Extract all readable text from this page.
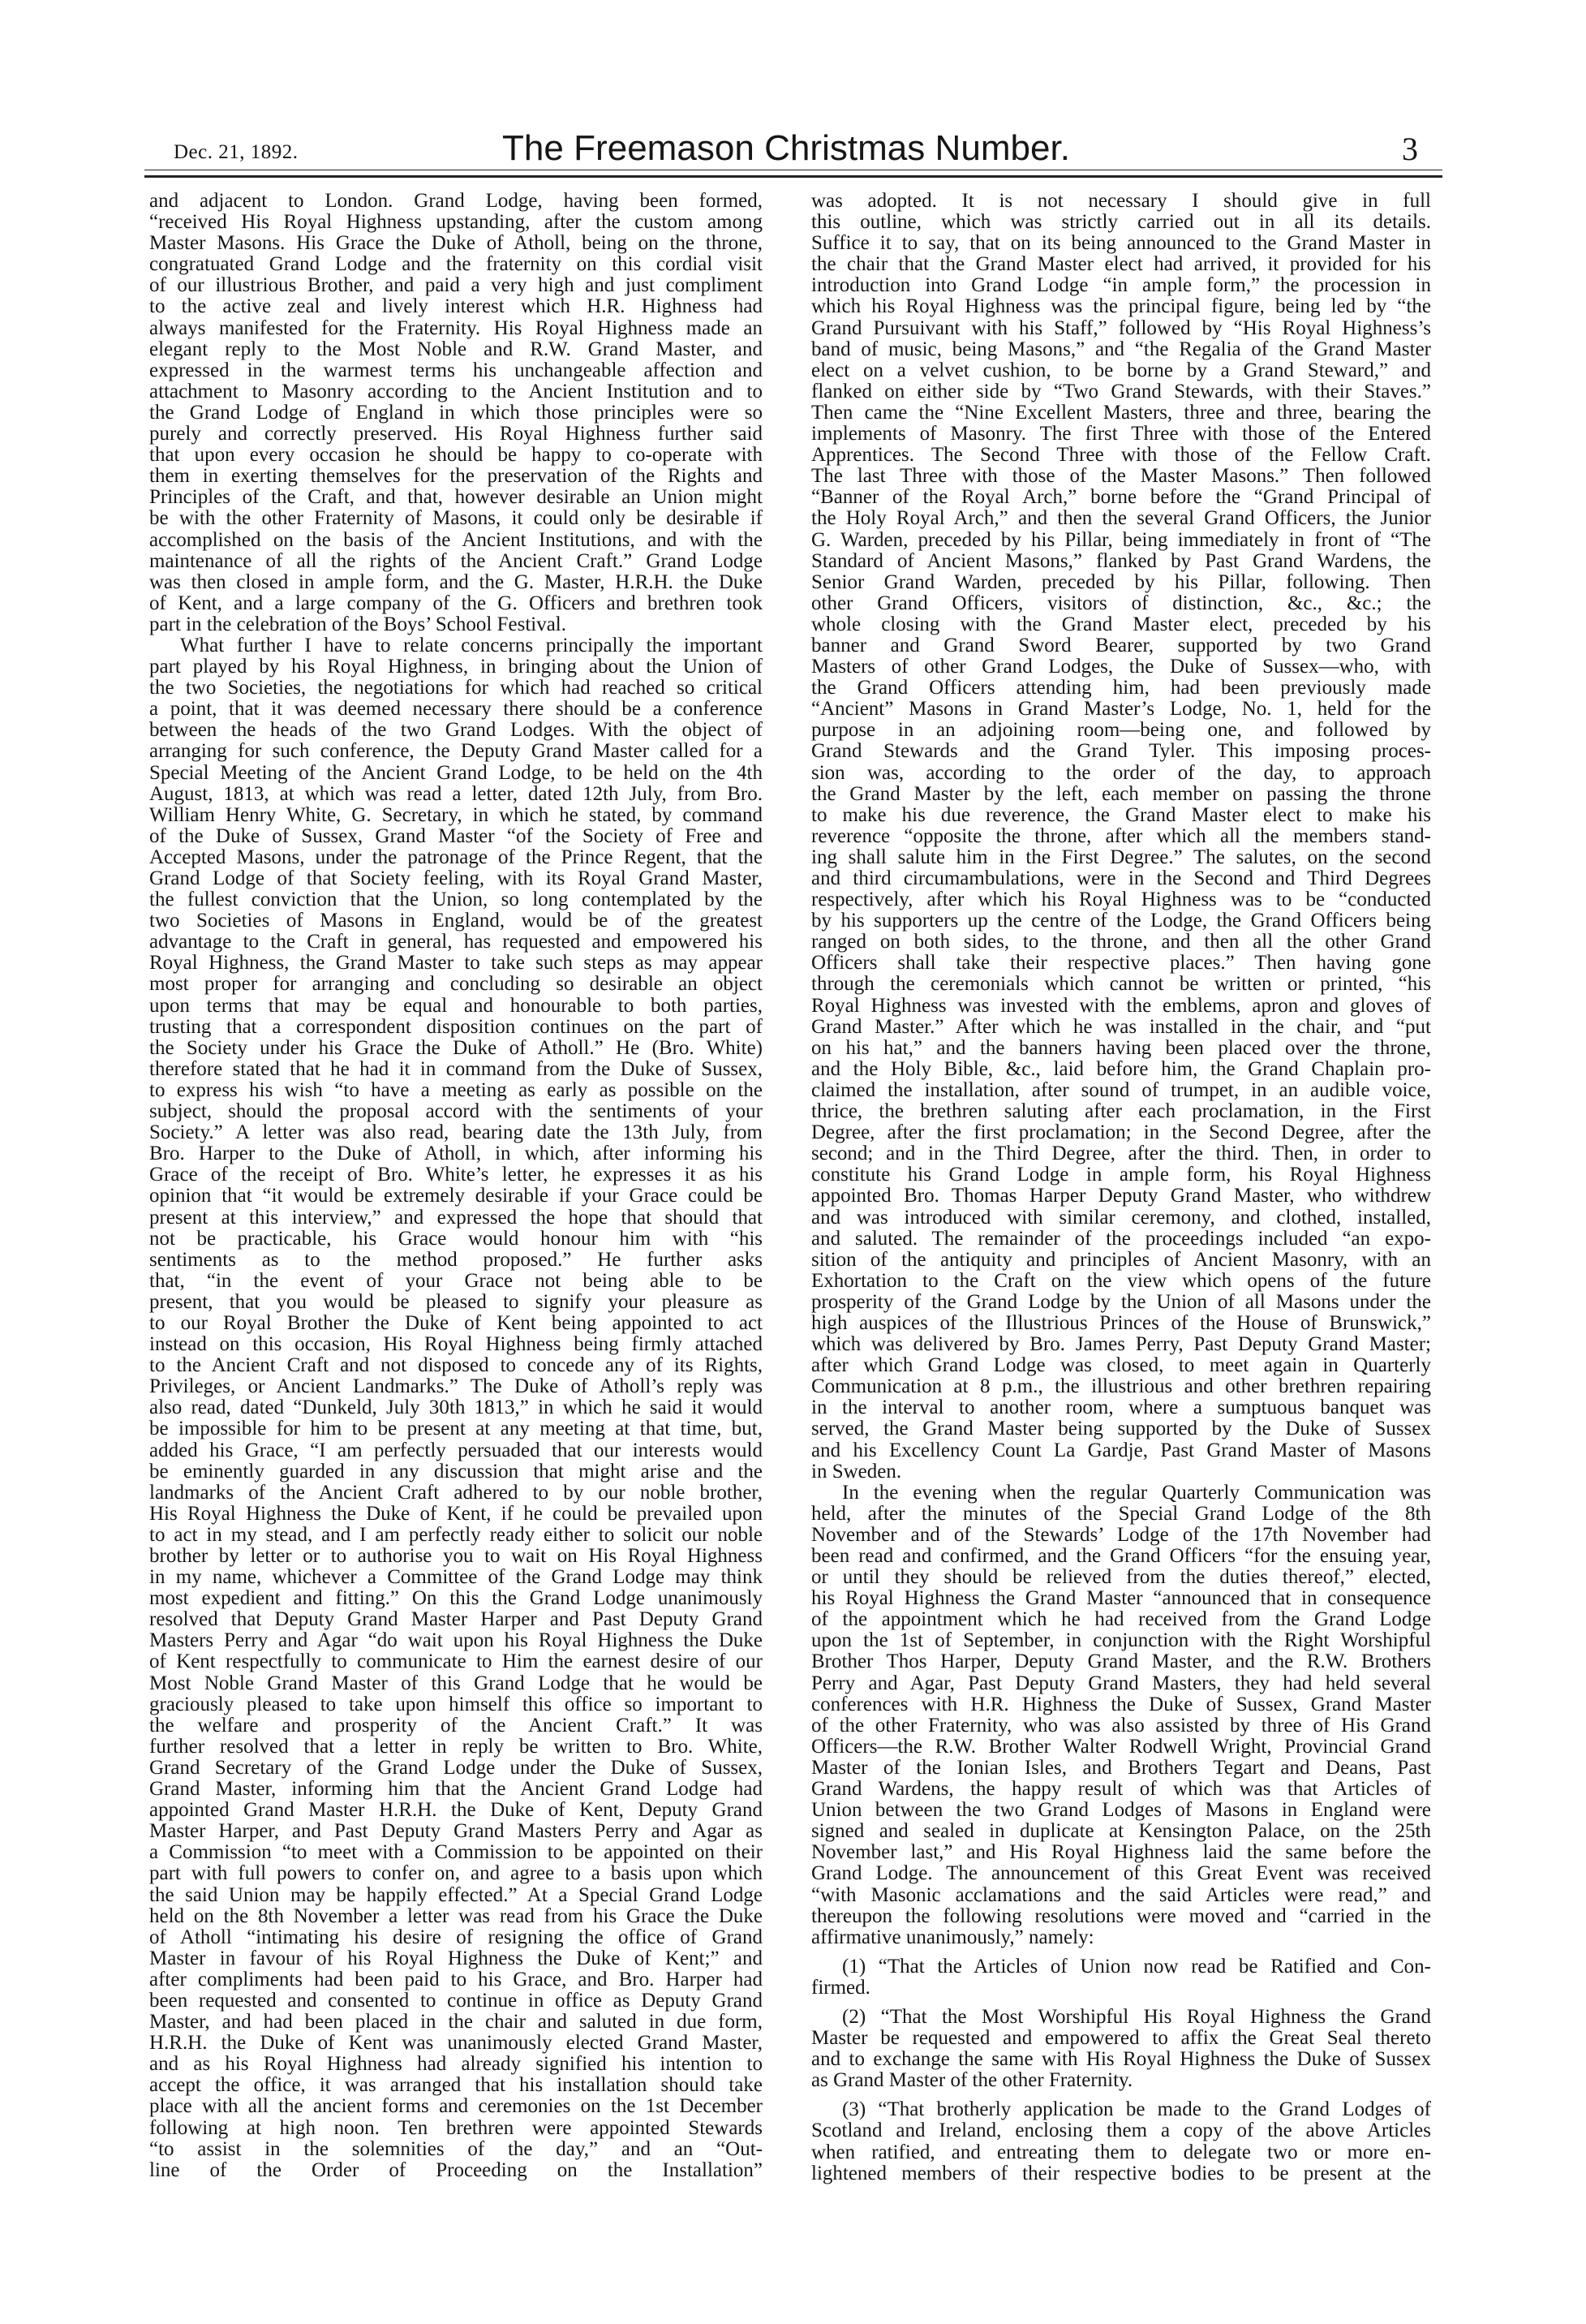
Dec. 21, 1892.	The Freemason Christmas Number.	3
and adjacent to London. Grand Lodge, having been formed,
“received His Royal Highness upstanding, after the custom among
Master Masons. His Grace the Duke of Atholl, being on the throne,
congratuated Grand Lodge and the fraternity on this cordial visit
of our illustrious Brother, and paid a very high and just compliment
to the active zeal and lively interest which H.R. Highness had
always manifested for the Fraternity. His Royal Highness made an
elegant reply to the Most Noble and R.W. Grand Master, and
expressed in the warmest terms his unchangeable affection and
attachment to Masonry according to the Ancient Institution and to
the Grand Lodge of England in which those principles were so
purely and correctly preserved. His Royal Highness further said
that upon every occasion he should be happy to co-operate with
them in exerting themselves for the preservation of the Rights and
Principles of the Craft, and that, however desirable an Union might
be with the other Fraternity of Masons, it could only be desirable if
accomplished on the basis of the Ancient Institutions, and with the
maintenance of all the rights of the Ancient Craft.” Grand Lodge
was then closed in ample form, and the G. Master, H.R.H. the Duke
of Kent, and a large company of the G. Officers and brethren took
part in the celebration of the Boys’ School Festival.
What further I have to relate concerns principally the important
part played by his Royal Highness, in bringing about the Union of
the two Societies, the negotiations for which had reached so critical
a point, that it was deemed necessary there should be a conference
between the heads of the two Grand Lodges. With the object of
arranging for such conference, the Deputy Grand Master called for a
Special Meeting of the Ancient Grand Lodge, to be held on the 4th
August, 1813, at which was read a letter, dated 12th July, from Bro.
William Henry White, G. Secretary, in which he stated, by command
of the Duke of Sussex, Grand Master “of the Society of Free and
Accepted Masons, under the patronage of the Prince Regent, that the
Grand Lodge of that Society feeling, with its Royal Grand Master,
the fullest conviction that the Union, so long contemplated by the
two Societies of Masons in England, would be of the greatest
advantage to the Craft in general, has requested and empowered his
Royal Highness, the Grand Master to take such steps as may appear
most proper for arranging and concluding so desirable an object
upon terms that may be equal and honourable to both parties,
trusting that a correspondent disposition continues on the part of
the Society under his Grace the Duke of Atholl.” He (Bro. White)
therefore stated that he had it in command from the Duke of Sussex,
to express his wish “to have a meeting as early as possible on the
subject, should the proposal accord with the sentiments of your
Society.” A letter was also read, bearing date the 13th July, from
Bro. Harper to the Duke of Atholl, in which, after informing his
Grace of the receipt of Bro. White’s letter, he expresses it as his
opinion that “it would be extremely desirable if your Grace could be
present at this interview,” and expressed the hope that should that
not be practicable, his Grace would honour him with “his
sentiments as to the method proposed.” He further asks
that, “in the event of your Grace not being able to be
present, that you would be pleased to signify your pleasure as
to our Royal Brother the Duke of Kent being appointed to act
instead on this occasion, His Royal Highness being firmly attached
to the Ancient Craft and not disposed to concede any of its Rights,
Privileges, or Ancient Landmarks.” The Duke of Atholl’s reply was
also read, dated “Dunkeld, July 30th 1813,” in which he said it would
be impossible for him to be present at any meeting at that time, but,
added his Grace, “I am perfectly persuaded that our interests would
be eminently guarded in any discussion that might arise and the
landmarks of the Ancient Craft adhered to by our noble brother,
His Royal Highness the Duke of Kent, if he could be prevailed upon
to act in my stead, and I am perfectly ready either to solicit our noble
brother by letter or to authorise you to wait on His Royal Highness
in my name, whichever a Committee of the Grand Lodge may think
most expedient and fitting.” On this the Grand Lodge unanimously
resolved that Deputy Grand Master Harper and Past Deputy Grand
Masters Perry and Agar “do wait upon his Royal Highness the Duke
of Kent respectfully to communicate to Him the earnest desire of our
Most Noble Grand Master of this Grand Lodge that he would be
graciously pleased to take upon himself this office so important to
the welfare and prosperity of the Ancient Craft.” It was
further resolved that a letter in reply be written to Bro. White,
Grand Secretary of the Grand Lodge under the Duke of Sussex,
Grand Master, informing him that the Ancient Grand Lodge had
appointed Grand Master H.R.H. the Duke of Kent, Deputy Grand
Master Harper, and Past Deputy Grand Masters Perry and Agar as
a Commission “to meet with a Commission to be appointed on their
part with full powers to confer on, and agree to a basis upon which
the said Union may be happily effected.” At a Special Grand Lodge
held on the 8th November a letter was read from his Grace the Duke
of Atholl “intimating his desire of resigning the office of Grand
Master in favour of his Royal Highness the Duke of Kent;” and
after compliments had been paid to his Grace, and Bro. Harper had
been requested and consented to continue in office as Deputy Grand
Master, and had been placed in the chair and saluted in due form,
H.R.H. the Duke of Kent was unanimously elected Grand Master,
and as his Royal Highness had already signified his intention to
accept the office, it was arranged that his installation should take
place with all the ancient forms and ceremonies on the 1st December
following at high noon. Ten brethren were appointed Stewards
“to assist in the solemnities of the day,” and an “Out-
line of the Order of Proceeding on the Installation”
was adopted. It is not necessary I should give in full
this outline, which was strictly carried out in all its details.
Suffice it to say, that on its being announced to the Grand Master in
the chair that the Grand Master elect had arrived, it provided for his
introduction into Grand Lodge “in ample form,” the procession in
which his Royal Highness was the principal figure, being led by “the
Grand Pursuivant with his Staff,” followed by “His Royal Highness’s
band of music, being Masons,” and “the Regalia of the Grand Master
elect on a velvet cushion, to be borne by a Grand Steward,” and
flanked on either side by “Two Grand Stewards, with their Staves.”
Then came the “Nine Excellent Masters, three and three, bearing the
implements of Masonry. The first Three with those of the Entered
Apprentices. The Second Three with those of the Fellow Craft.
The last Three with those of the Master Masons.” Then followed
“Banner of the Royal Arch,” borne before the “Grand Principal of
the Holy Royal Arch,” and then the several Grand Officers, the Junior
G. Warden, preceded by his Pillar, being immediately in front of “The
Standard of Ancient Masons,” flanked by Past Grand Wardens, the
Senior Grand Warden, preceded by his Pillar, following. Then
other Grand Officers, visitors of distinction, &c., &c.; the
whole closing with the Grand Master elect, preceded by his
banner and Grand Sword Bearer, supported by two Grand
Masters of other Grand Lodges, the Duke of Sussex—who, with
the Grand Officers attending him, had been previously made
“Ancient” Masons in Grand Master’s Lodge, No. 1, held for the
purpose in an adjoining room—being one, and followed by
Grand Stewards and the Grand Tyler. This imposing proces-
sion was, according to the order of the day, to approach
the Grand Master by the left, each member on passing the throne
to make his due reverence, the Grand Master elect to make his
reverence “opposite the throne, after which all the members stand-
ing shall salute him in the First Degree.” The salutes, on the second
and third circumambulations, were in the Second and Third Degrees
respectively, after which his Royal Highness was to be “conducted
by his supporters up the centre of the Lodge, the Grand Officers being
ranged on both sides, to the throne, and then all the other Grand
Officers shall take their respective places.” Then having gone
through the ceremonials which cannot be written or printed, “his
Royal Highness was invested with the emblems, apron and gloves of
Grand Master.” After which he was installed in the chair, and “put
on his hat,” and the banners having been placed over the throne,
and the Holy Bible, &c., laid before him, the Grand Chaplain pro-
claimed the installation, after sound of trumpet, in an audible voice,
thrice, the brethren saluting after each proclamation, in the First
Degree, after the first proclamation; in the Second Degree, after the
second; and in the Third Degree, after the third. Then, in order to
constitute his Grand Lodge in ample form, his Royal Highness
appointed Bro. Thomas Harper Deputy Grand Master, who withdrew
and was introduced with similar ceremony, and clothed, installed,
and saluted. The remainder of the proceedings included “an expo-
sition of the antiquity and principles of Ancient Masonry, with an
Exhortation to the Craft on the view which opens of the future
prosperity of the Grand Lodge by the Union of all Masons under the
high auspices of the Illustrious Princes of the House of Brunswick,”
which was delivered by Bro. James Perry, Past Deputy Grand Master;
after which Grand Lodge was closed, to meet again in Quarterly
Communication at 8 p.m., the illustrious and other brethren repairing
in the interval to another room, where a sumptuous banquet was
served, the Grand Master being supported by the Duke of Sussex
and his Excellency Count La Gardje, Past Grand Master of Masons
in Sweden.
In the evening when the regular Quarterly Communication was
held, after the minutes of the Special Grand Lodge of the 8th
November and of the Stewards’ Lodge of the 17th November had
been read and confirmed, and the Grand Officers “for the ensuing year,
or until they should be relieved from the duties thereof,” elected,
his Royal Highness the Grand Master “announced that in consequence
of the appointment which he had received from the Grand Lodge
upon the 1st of September, in conjunction with the Right Worshipful
Brother Thos Harper, Deputy Grand Master, and the R.W. Brothers
Perry and Agar, Past Deputy Grand Masters, they had held several
conferences with H.R. Highness the Duke of Sussex, Grand Master
of the other Fraternity, who was also assisted by three of His Grand
Officers—the R.W. Brother Walter Rodwell Wright, Provincial Grand
Master of the Ionian Isles, and Brothers Tegart and Deans, Past
Grand Wardens, the happy result of which was that Articles of
Union between the two Grand Lodges of Masons in England were
signed and sealed in duplicate at Kensington Palace, on the 25th
November last,” and His Royal Highness laid the same before the
Grand Lodge. The announcement of this Great Event was received
“with Masonic acclamations and the said Articles were read,” and
thereupon the following resolutions were moved and “carried in the
affirmative unanimously,” namely:
(1) “That the Articles of Union now read be Ratified and Con-
firmed.
(2) “That the Most Worshipful His Royal Highness the Grand
Master be requested and empowered to affix the Great Seal thereto
and to exchange the same with His Royal Highness the Duke of Sussex
as Grand Master of the other Fraternity.
(3) “That brotherly application be made to the Grand Lodges of
Scotland and Ireland, enclosing them a copy of the above Articles
when ratified, and entreating them to delegate two or more en-
lightened members of their respective bodies to be present at the
